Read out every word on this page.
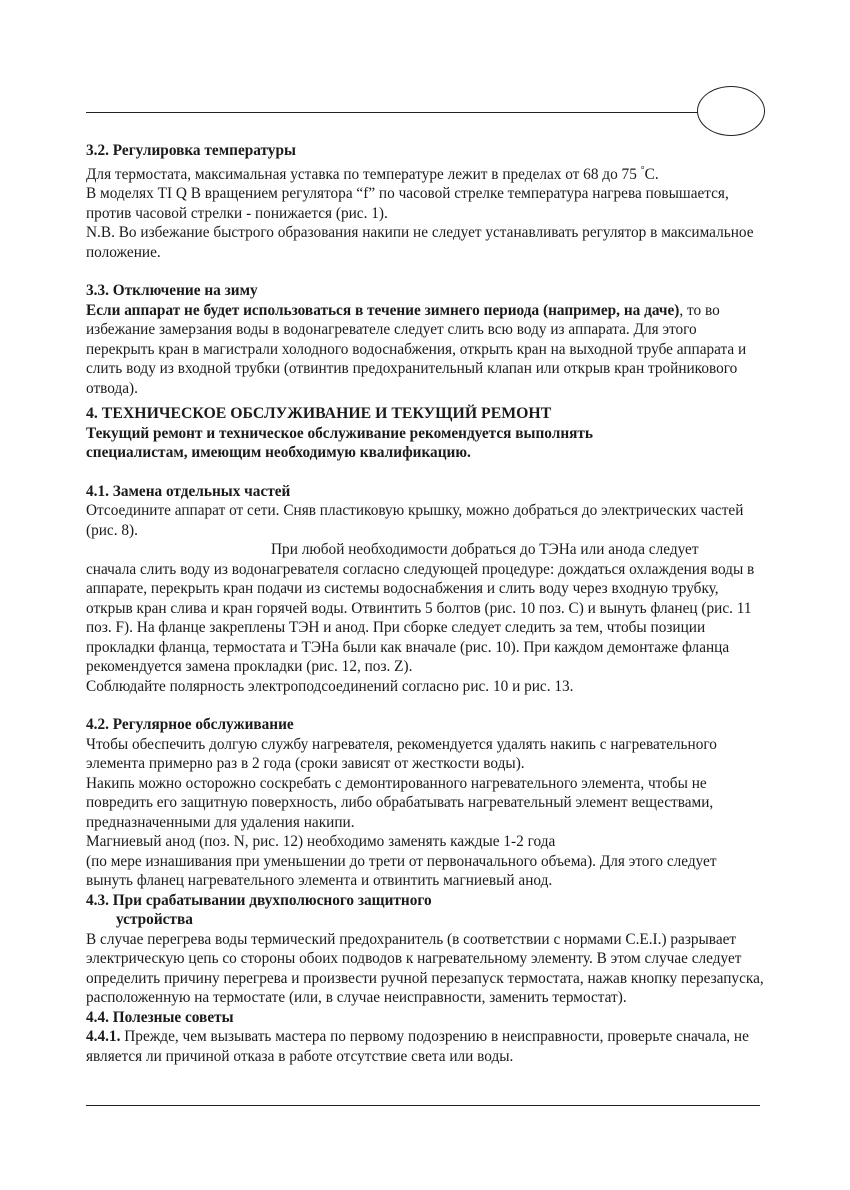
3.2. Регулировка температуры

Для термостата, максимальная уставка по температуре лежит в пределах от 68 до 75 °С.

В моделях TI Q B вращением регулятора “f” по часовой стрелке температура нагрева повышается, против часовой стрелки - понижается (рис. 1).

N.B. Во избежание быстрого образования накипи не следует устанавливать регулятор в максимальное положение.

3.3. Отключение на зиму

Если аппарат не будет использоваться в течение зимнего периода (например, на даче), то во избежание замерзания воды в водонагревателе следует слить всю воду из аппарата. Для этого перекрыть кран в магистрали холодного водоснабжения, открыть кран на выходной трубе аппарата и слить воду из входной трубки (отвинтив предохранительный клапан или открыв кран тройникового отвода).

4. ТЕХНИЧЕСКОЕ ОБСЛУЖИВАНИЕ И ТЕКУЩИЙ РЕМОНТ

Текущий ремонт и техническое обслуживание рекомендуется выполнять

специалистам, имеющим необходимую квалификацию.

4.1. Замена отдельных частей

Отсоедините аппарат от сети. Сняв пластиковую крышку, можно добраться до электрических частей (рис. 8).

При любой необходимости добраться до ТЭНа или анода следует

сначала слить воду из водонагревателя согласно следующей процедуре: дождаться охлаждения воды в аппарате, перекрыть кран подачи из системы водоснабжения и слить воду через входную трубку, открыв кран слива и кран горячей воды. Отвинтить 5 болтов (рис. 10 поз. С) и вынуть фланец (рис. 11 поз. F). На фланце закреплены ТЭН и анод. При сборке следует следить за тем, чтобы позиции прокладки фланца, термостата и ТЭНа были как вначале (рис. 10). При каждом демонтаже фланца рекомендуется замена прокладки (рис. 12, поз. Z).

Соблюдайте полярность электроподсоединений согласно рис. 10 и рис. 13.

4.2. Регулярное обслуживание

Чтобы обеспечить долгую службу нагревателя, рекомендуется удалять накипь с нагревательного элемента примерно раз в 2 года (сроки зависят от жесткости воды).

Накипь можно осторожно соскребать с демонтированного нагревательного элемента, чтобы не повредить его защитную поверхность, либо обрабатывать нагревательный элемент веществами, предназначенными для удаления накипи.

Магниевый анод (поз. N, рис. 12) необходимо заменять каждые 1-2 года

(по мере изнашивания при уменьшении до трети от первоначального объема). Для этого следует вынуть фланец нагревательного элемента и отвинтить магниевый анод.

4.3. При срабатывании двухполюсного защитного

устройства

В случае перегрева воды термический предохранитель (в соответствии с нормами C.E.I.) разрывает электрическую цепь со стороны обоих подводов к нагревательному элементу. В этом случае следует определить причину перегрева и произвести ручной перезапуск термостата, нажав кнопку перезапуска, расположенную на термостате (или, в случае неисправности, заменить термостат).

4.4. Полезные советы

4.4.1. Прежде, чем вызывать мастера по первому подозрению в неисправности, проверьте сначала, не является ли причиной отказа в работе отсутствие света или воды.
